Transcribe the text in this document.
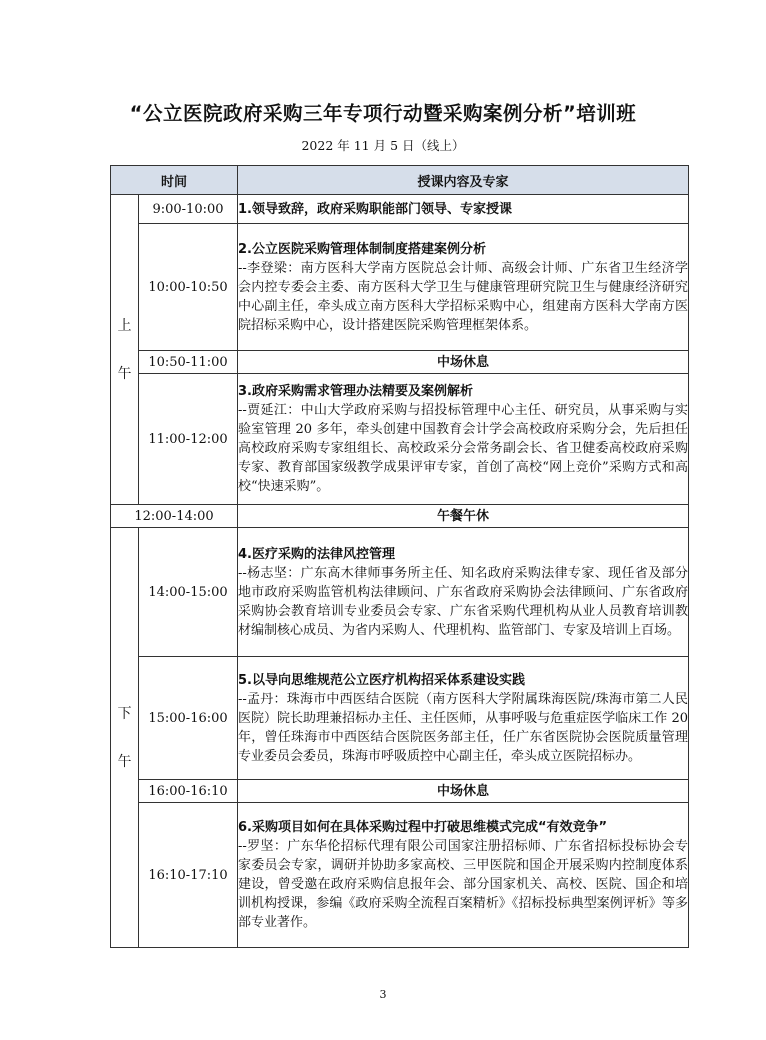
“公立医院政府采购三年专项行动暨采购案例分析”培训班
2022 年 11 月 5 日（线上）
时间		授课内容及专家
上

午	9:00-10:00	1.领导致辞，政府采购职能部门领导、专家授课

	10:00-10:50	2.公立医院采购管理体制制度搭建案例分析
--李登梁：南方医科大学南方医院总会计师、高级会计师、广东省卫生经济学会内控专委会主委、南方医科大学卫生与健康管理研究院卫生与健康经济研究中心副主任，牵头成立南方医科大学招标采购中心，组建南方医科大学南方医院招标采购中心，设计搭建医院采购管理框架体系。

	10:50-11:00	中场休息
	11:00-12:00	3.政府采购需求管理办法精要及案例解析
--贾延江：中山大学政府采购与招投标管理中心主任、研究员，从事采购与实验室管理 20 多年，牵头创建中国教育会计学会高校政府采购分会，先后担任高校政府采购专家组组长、高校政采分会常务副会长、省卫健委高校政府采购专家、教育部国家级教学成果评审专家，首创了高校“网上竞价”采购方式和高校“快速采购”。

12:00-14:00		午餐午休
下

午	14:00-15:00	4.医疗采购的法律风控管理
--杨志坚：广东高木律师事务所主任、知名政府采购法律专家、现任省及部分地市政府采购监管机构法律顾问、广东省政府采购协会法律顾问、广东省政府采购协会教育培训专业委员会专家、广东省采购代理机构从业人员教育培训教材编制核心成员、为省内采购人、代理机构、监管部门、专家及培训上百场。

	15:00-16:00	5.以导向思维规范公立医疗机构招采体系建设实践
--孟丹：珠海市中西医结合医院（南方医科大学附属珠海医院/珠海市第二人民医院）院长助理兼招标办主任、主任医师，从事呼吸与危重症医学临床工作 20 年，曾任珠海市中西医结合医院医务部主任，任广东省医院协会医院质量管理专业委员会委员，珠海市呼吸质控中心副主任，牵头成立医院招标办。

	16:00-16:10	中场休息
	16:10-17:10	6.采购项目如何在具体采购过程中打破思维模式完成“有效竞争”
--罗坚：广东华伦招标代理有限公司国家注册招标师、广东省招标投标协会专家委员会专家，调研并协助多家高校、三甲医院和国企开展采购内控制度体系建设，曾受邀在政府采购信息报年会、部分国家机关、高校、医院、国企和培训机构授课，参编《政府采购全流程百案精析》《招标投标典型案例评析》等多部专业著作。
3
